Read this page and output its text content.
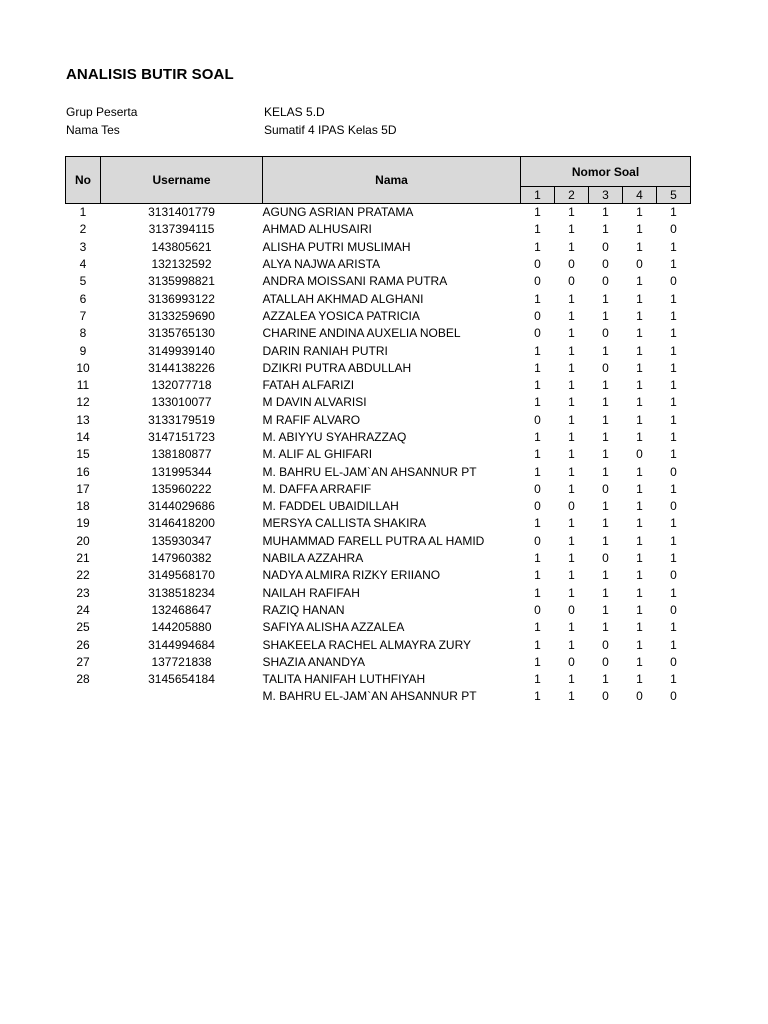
ANALISIS BUTIR SOAL
Grup Peserta	KELAS 5.D
Nama Tes	Sumatif 4 IPAS Kelas 5D
No	Username	Nama	Nomor Soal				
			1	2	3	4	5
1	3131401779	AGUNG ASRIAN PRATAMA	1	1	1	1	1
2	3137394115	AHMAD ALHUSAIRI	1	1	1	1	0
3	143805621	ALISHA PUTRI MUSLIMAH	1	1	0	1	1
4	132132592	ALYA NAJWA ARISTA	0	0	0	0	1
5	3135998821	ANDRA MOISSANI RAMA PUTRA	0	0	0	1	0
6	3136993122	ATALLAH AKHMAD ALGHANI	1	1	1	1	1
7	3133259690	AZZALEA YOSICA PATRICIA	0	1	1	1	1
8	3135765130	CHARINE ANDINA AUXELIA NOBEL	0	1	0	1	1
9	3149939140	DARIN RANIAH PUTRI	1	1	1	1	1
10	3144138226	DZIKRI PUTRA ABDULLAH	1	1	0	1	1
11	132077718	FATAH ALFARIZI	1	1	1	1	1
12	133010077	M DAVIN ALVARISI	1	1	1	1	1
13	3133179519	M RAFIF ALVARO	0	1	1	1	1
14	3147151723	M. ABIYYU SYAHRAZZAQ	1	1	1	1	1
15	138180877	M. ALIF AL GHIFARI	1	1	1	0	1
16	131995344	M. BAHRU EL-JAM`AN AHSANNUR PT	1	1	1	1	0
17	135960222	M. DAFFA ARRAFIF	0	1	0	1	1
18	3144029686	M. FADDEL UBAIDILLAH	0	0	1	1	0
19	3146418200	MERSYA CALLISTA SHAKIRA	1	1	1	1	1
20	135930347	MUHAMMAD FARELL PUTRA AL HAMID	0	1	1	1	1
21	147960382	NABILA AZZAHRA	1	1	0	1	1
22	3149568170	NADYA ALMIRA RIZKY ERIIANO	1	1	1	1	0
23	3138518234	NAILAH RAFIFAH	1	1	1	1	1
24	132468647	RAZIQ HANAN	0	0	1	1	0
25	144205880	SAFIYA ALISHA AZZALEA	1	1	1	1	1
26	3144994684	SHAKEELA RACHEL ALMAYRA ZURY	1	1	0	1	1
27	137721838	SHAZIA ANANDYA	1	0	0	1	0
28	3145654184	TALITA HANIFAH LUTHFIYAH	1	1	1	1	1
		M. BAHRU EL-JAM`AN AHSANNUR PT	1	1	0	0	0
